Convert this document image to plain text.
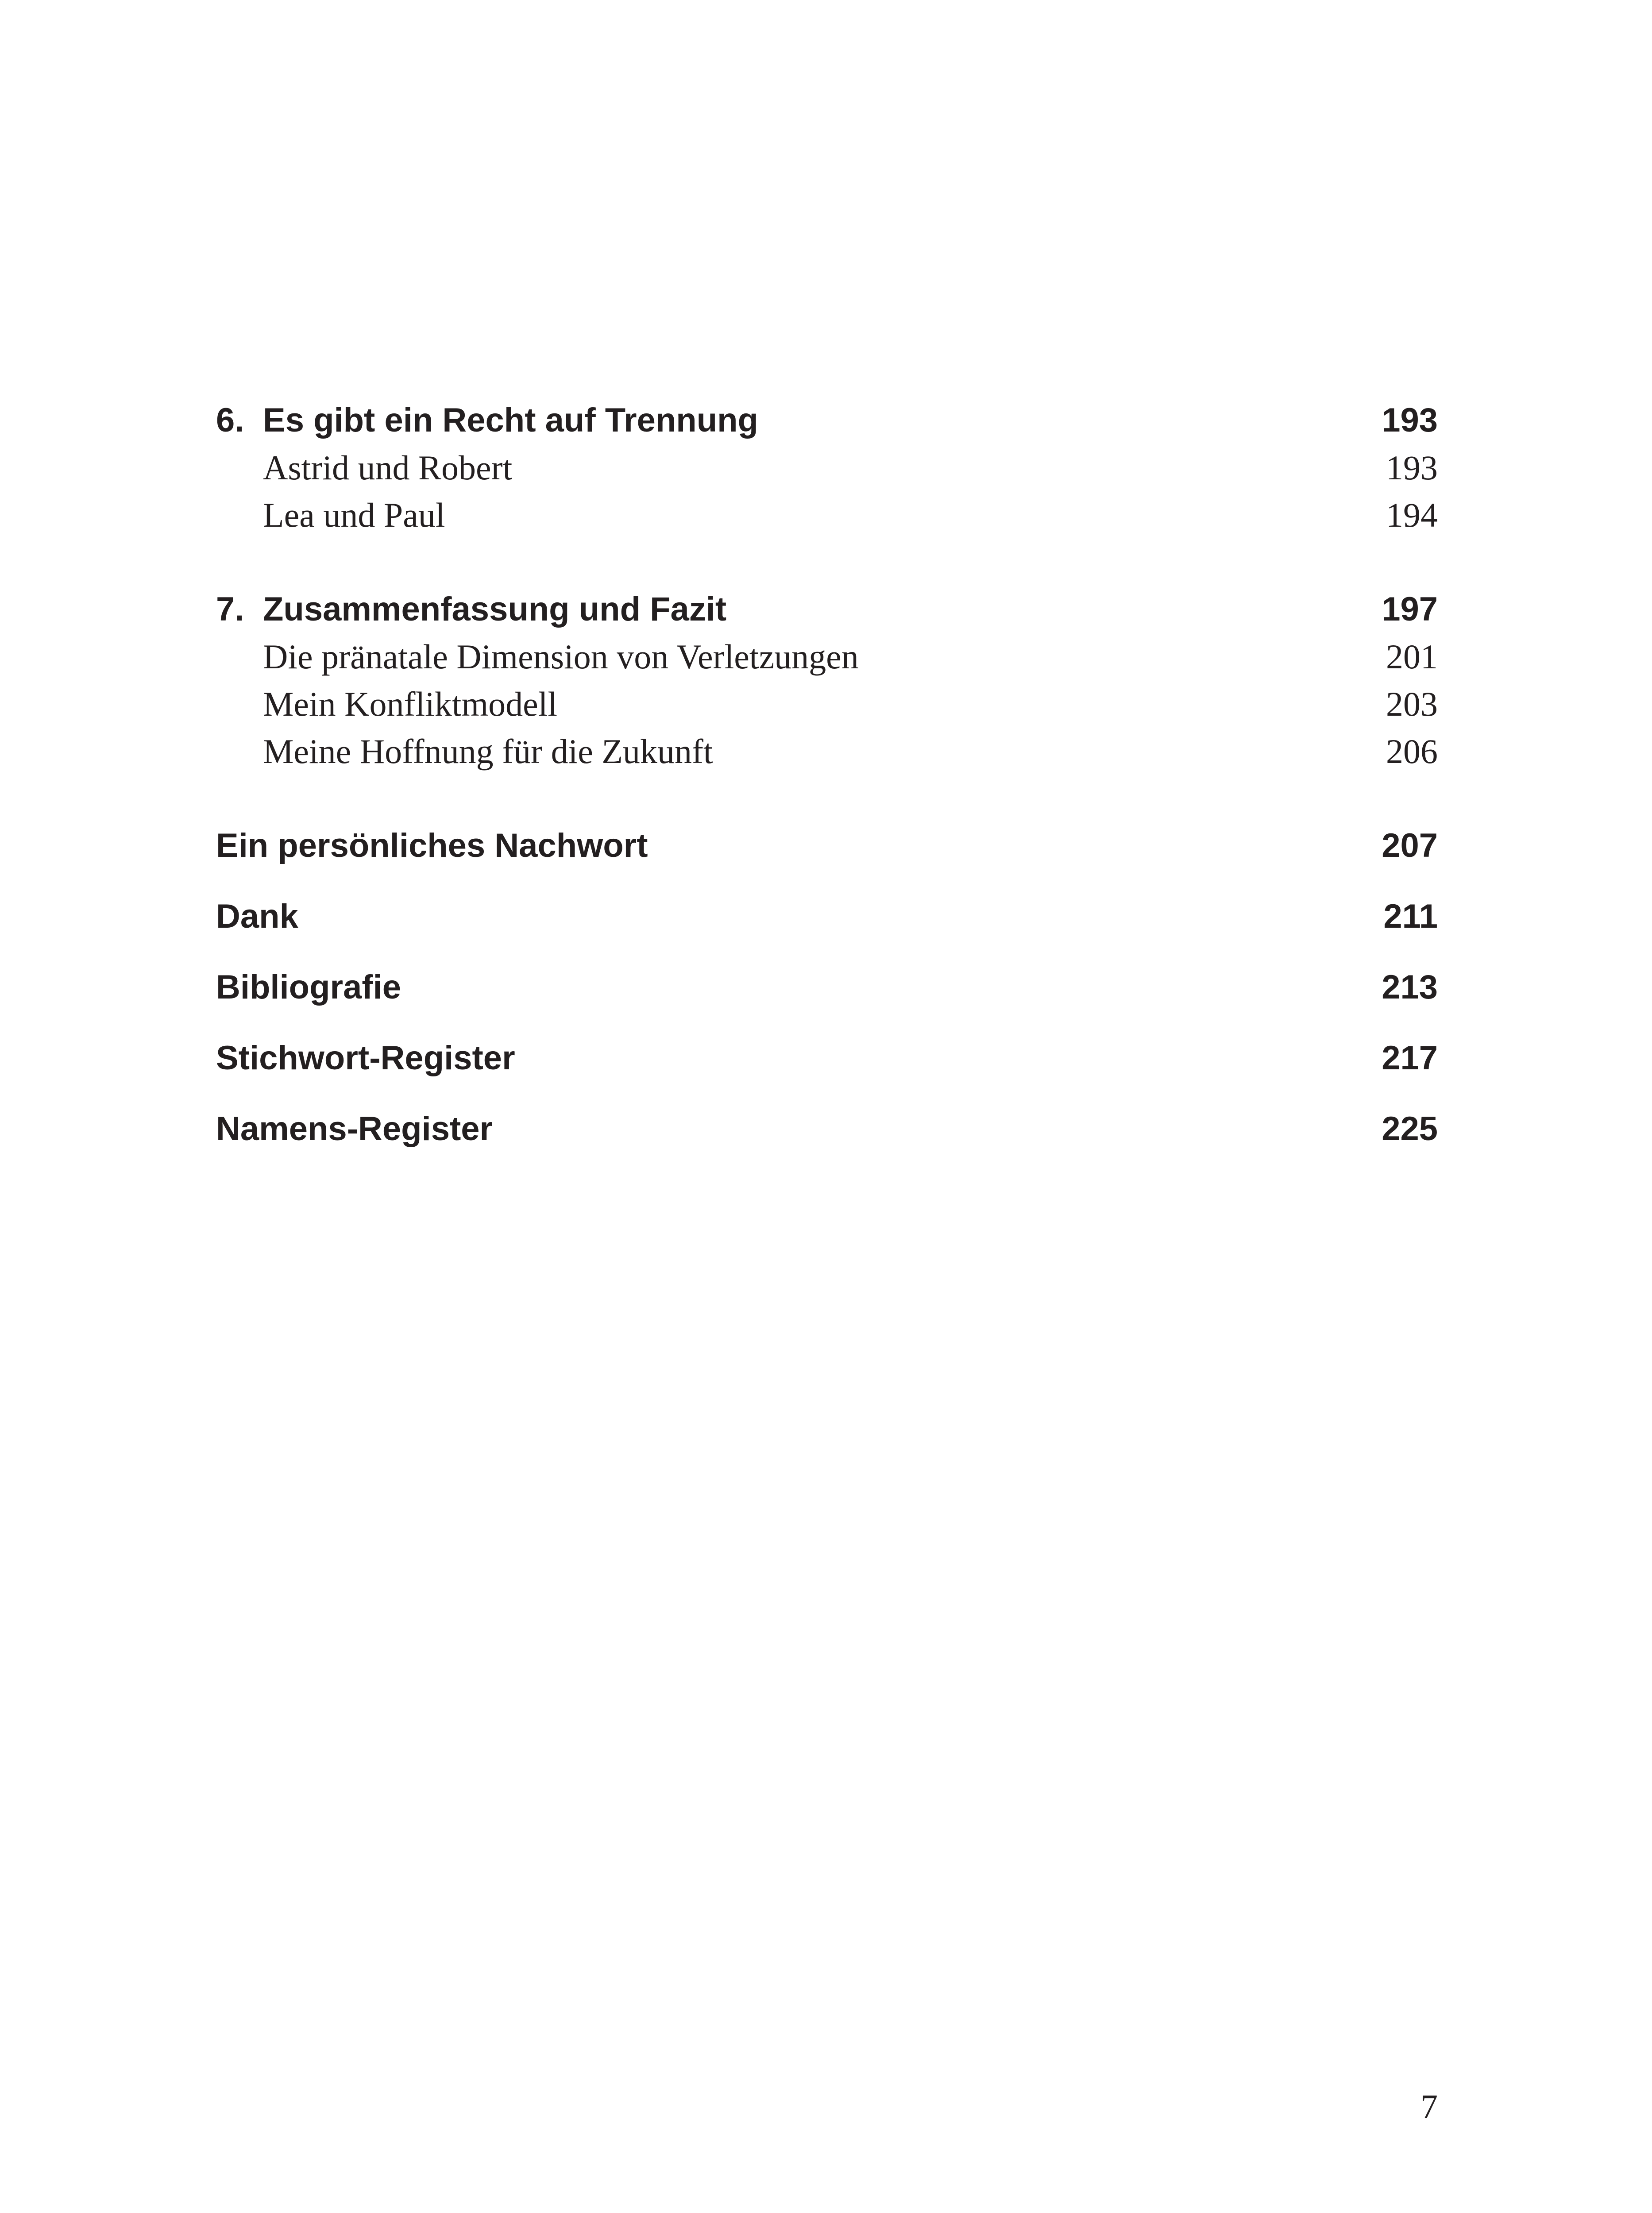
6. Es gibt ein Recht auf Trennung	193
Astrid und Robert	193
Lea und Paul	194
7. Zusammenfassung und Fazit	197
Die pränatale Dimension von Verletzungen	201
Mein Konfliktmodell	203
Meine Hoffnung für die Zukunft	206
Ein persönliches Nachwort	207
Dank	211
Bibliografie	213
Stichwort-Register	217
Namens-Register	225
7
